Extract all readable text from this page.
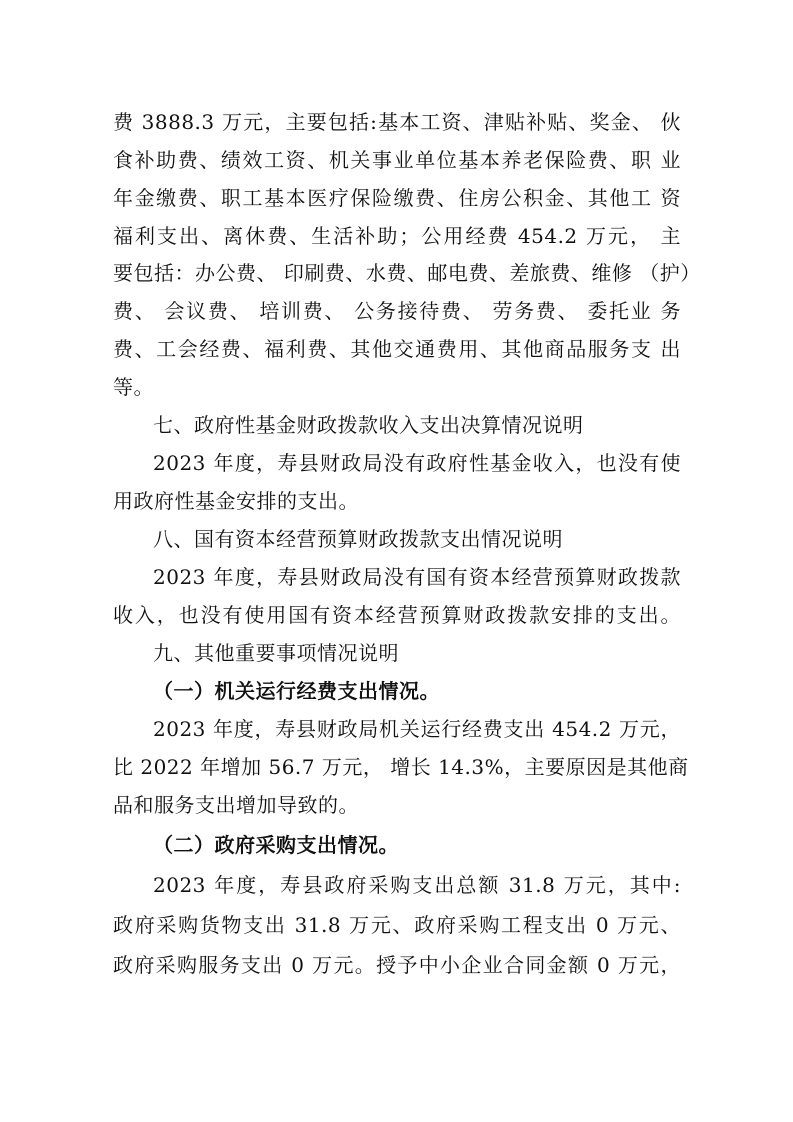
费 3888.3 万元，主要包括:基本工资、津贴补贴、奖金、 伙
食补助费、绩效工资、机关事业单位基本养老保险费、职 业
年金缴费、职工基本医疗保险缴费、住房公积金、其他工 资
福利支出、离休费、生活补助；公用经费 454.2 万元， 主
要包括：办公费、 印刷费、水费、邮电费、差旅费、维修 （护）
费、 会议费、 培训费、 公务接待费、 劳务费、 委托业 务
费、工会经费、福利费、其他交通费用、其他商品服务支 出
等。
七、政府性基金财政拨款收入支出决算情况说明
2023 年度，寿县财政局没有政府性基金收入，也没有使
用政府性基金安排的支出。
八、国有资本经营预算财政拨款支出情况说明
2023 年度，寿县财政局没有国有资本经营预算财政拨款
收入，也没有使用国有资本经营预算财政拨款安排的支出。
九、其他重要事项情况说明
（一）机关运行经费支出情况。
2023 年度，寿县财政局机关运行经费支出 454.2 万元，
比 2022 年增加 56.7 万元， 增长 14.3%，主要原因是其他商
品和服务支出增加导致的。
（二）政府采购支出情况。
2023 年度，寿县政府采购支出总额 31.8 万元，其中:
政府采购货物支出 31.8 万元、政府采购工程支出 0 万元、
政府采购服务支出 0 万元。授予中小企业合同金额 0 万元，
